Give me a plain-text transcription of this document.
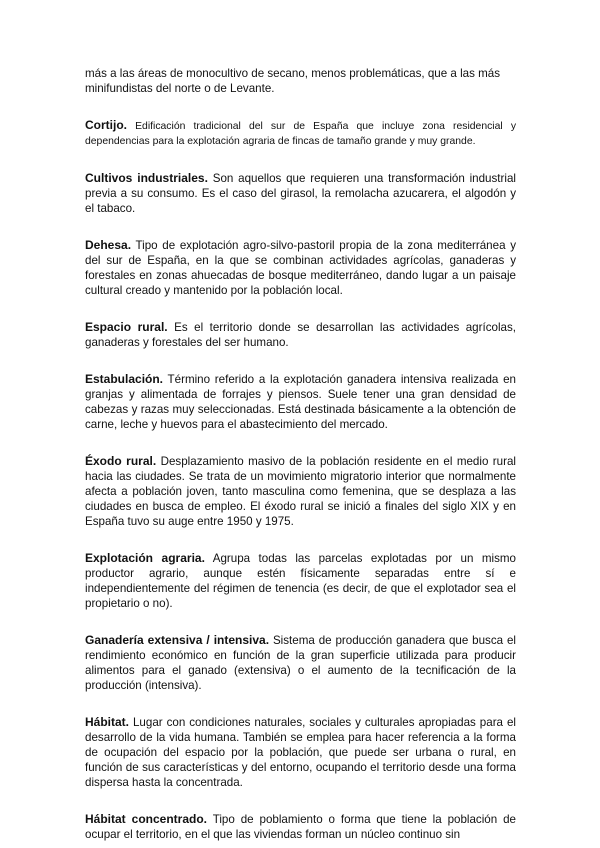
más a las áreas de monocultivo de secano, menos problemáticas, que a las más minifundistas del norte o de Levante.

Cortijo. Edificación tradicional del sur de España que incluye zona residencial y dependencias para la explotación agraria de fincas de tamaño grande y muy grande.

Cultivos industriales. Son aquellos que requieren una transformación industrial previa a su consumo. Es el caso del girasol, la remolacha azucarera, el algodón y el tabaco.

Dehesa. Tipo de explotación agro-silvo-pastoril propia de la zona mediterránea y del sur de España, en la que se combinan actividades agrícolas, ganaderas y forestales en zonas ahuecadas de bosque mediterráneo, dando lugar a un paisaje cultural creado y mantenido por la población local.

Espacio rural. Es el territorio donde se desarrollan las actividades agrícolas, ganaderas y forestales del ser humano.

Estabulación. Término referido a la explotación ganadera intensiva realizada en granjas y alimentada de forrajes y piensos. Suele tener una gran densidad de cabezas y razas muy seleccionadas. Está destinada básicamente a la obtención de carne, leche y huevos para el abastecimiento del mercado.

Éxodo rural. Desplazamiento masivo de la población residente en el medio rural hacia las ciudades. Se trata de un movimiento migratorio interior que normalmente afecta a población joven, tanto masculina como femenina, que se desplaza a las ciudades en busca de empleo. El éxodo rural se inició a finales del siglo XIX y en España tuvo su auge entre 1950 y 1975.

Explotación agraria. Agrupa todas las parcelas explotadas por un mismo productor agrario, aunque estén físicamente separadas entre sí e independientemente del régimen de tenencia (es decir, de que el explotador sea el propietario o no).

Ganadería extensiva / intensiva. Sistema de producción ganadera que busca el rendimiento económico en función de la gran superficie utilizada para producir alimentos para el ganado (extensiva) o el aumento de la tecnificación de la producción (intensiva).

Hábitat. Lugar con condiciones naturales, sociales y culturales apropiadas para el desarrollo de la vida humana. También se emplea para hacer referencia a la forma de ocupación del espacio por la población, que puede ser urbana o rural, en función de sus características y del entorno, ocupando el territorio desde una forma dispersa hasta la concentrada.

Hábitat concentrado. Tipo de poblamiento o forma que tiene la población de ocupar el territorio, en el que las viviendas forman un núcleo continuo sin
